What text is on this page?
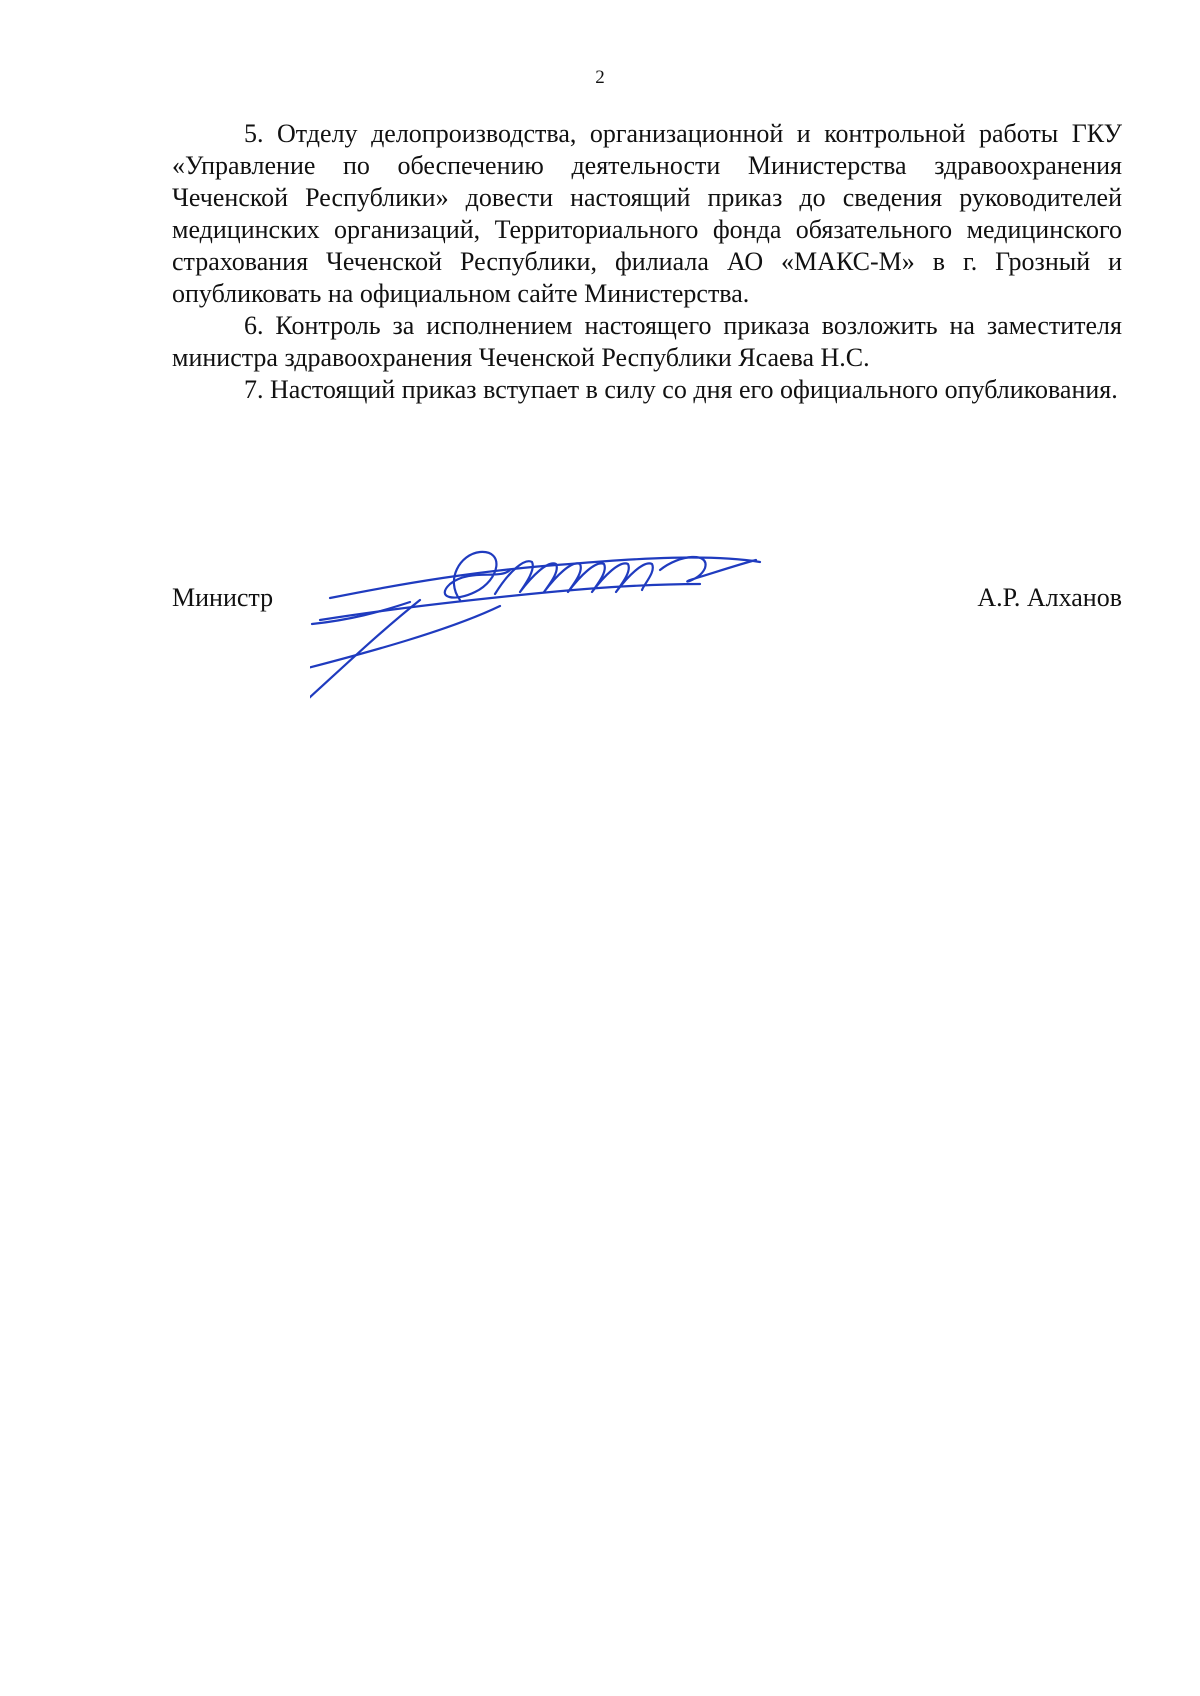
2

5. Отделу делопроизводства, организационной и контрольной работы ГКУ «Управление по обеспечению деятельности Министерства здравоохранения Чеченской Республики» довести настоящий приказ до сведения руководителей медицинских организаций, Территориального фонда обязательного медицинского страхования Чеченской Республики, филиала АО «МАКС-М» в г. Грозный и опубликовать на официальном сайте Министерства.

6. Контроль за исполнением настоящего приказа возложить на заместителя министра здравоохранения Чеченской Республики Ясаева Н.С.

7. Настоящий приказ вступает в силу со дня его официального опубликования.

Министр	А.Р. Алханов
